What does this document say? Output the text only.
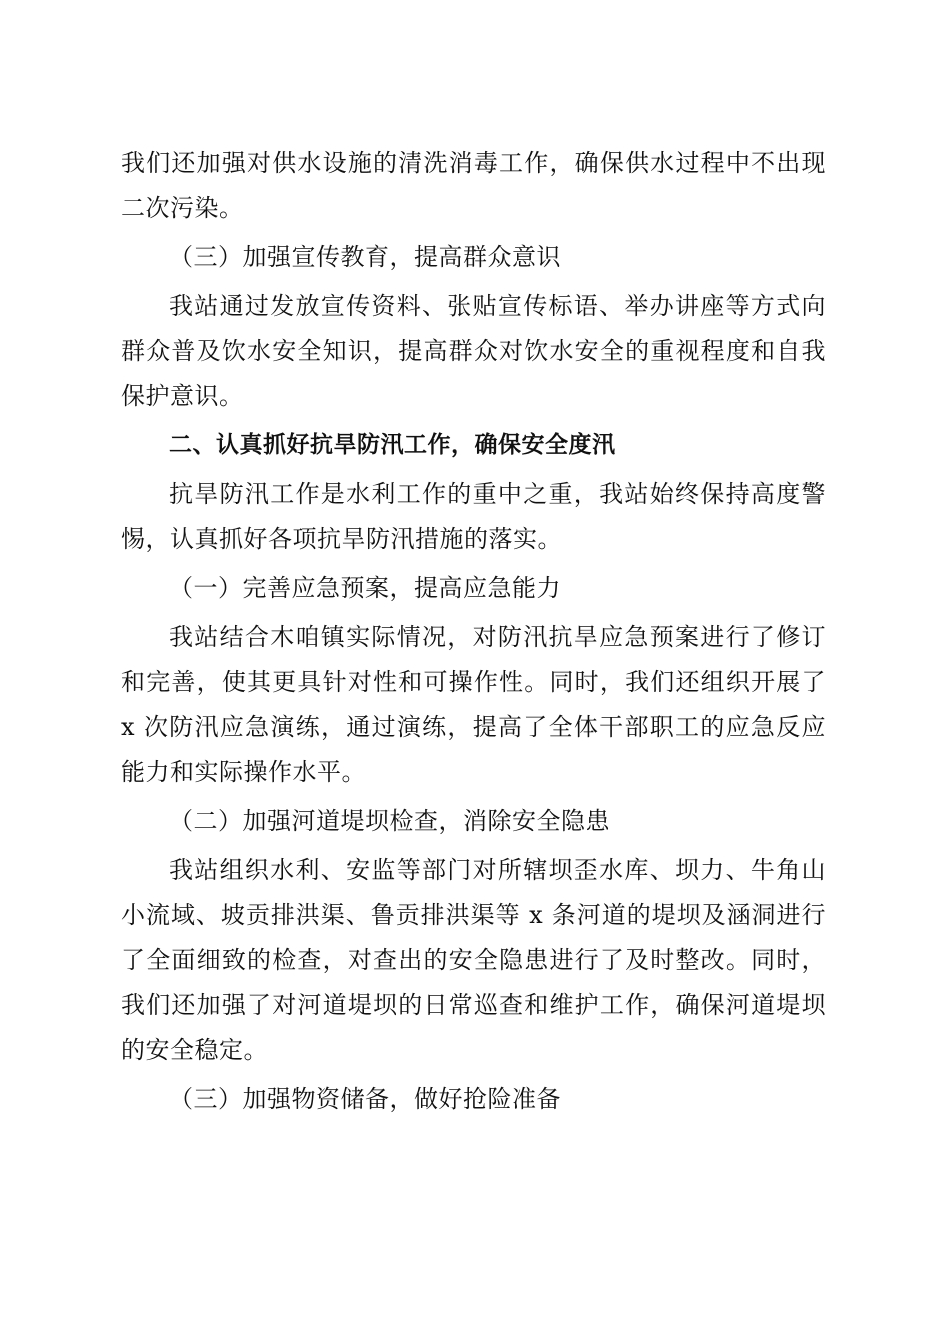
我们还加强对供水设施的清洗消毒工作，确保供水过程中不出现二次污染。

（三）加强宣传教育，提高群众意识

我站通过发放宣传资料、张贴宣传标语、举办讲座等方式向群众普及饮水安全知识，提高群众对饮水安全的重视程度和自我保护意识。

二、认真抓好抗旱防汛工作，确保安全度汛

抗旱防汛工作是水利工作的重中之重，我站始终保持高度警惕，认真抓好各项抗旱防汛措施的落实。

（一）完善应急预案，提高应急能力

我站结合木咱镇实际情况，对防汛抗旱应急预案进行了修订和完善，使其更具针对性和可操作性。同时，我们还组织开展了 x 次防汛应急演练，通过演练，提高了全体干部职工的应急反应能力和实际操作水平。

（二）加强河道堤坝检查，消除安全隐患

我站组织水利、安监等部门对所辖坝歪水库、坝力、牛角山小流域、坡贡排洪渠、鲁贡排洪渠等 x 条河道的堤坝及涵洞进行了全面细致的检查，对查出的安全隐患进行了及时整改。同时，我们还加强了对河道堤坝的日常巡查和维护工作，确保河道堤坝的安全稳定。

（三）加强物资储备，做好抢险准备
